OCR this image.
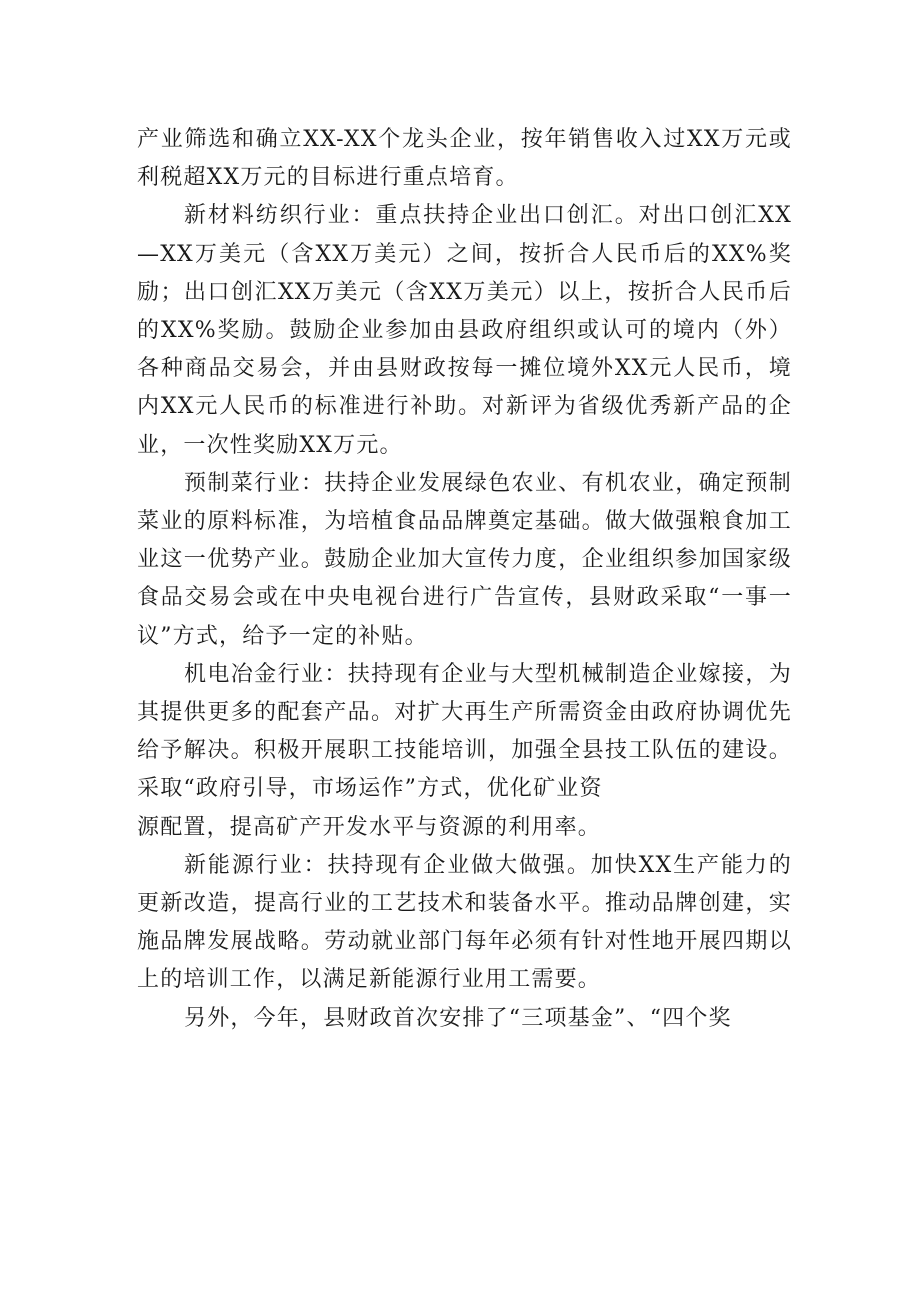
产业筛选和确立XX-XX个龙头企业，按年销售收入过XX万元或利税超XX万元的目标进行重点培育。

新材料纺织行业：重点扶持企业出口创汇。对出口创汇XX—XX万美元（含XX万美元）之间，按折合人民币后的XX%奖励；出口创汇XX万美元（含XX万美元）以上，按折合人民币后的XX%奖励。鼓励企业参加由县政府组织或认可的境内（外）各种商品交易会，并由县财政按每一摊位境外XX元人民币，境内XX元人民币的标准进行补助。对新评为省级优秀新产品的企业，一次性奖励XX万元。

预制菜行业：扶持企业发展绿色农业、有机农业，确定预制菜业的原料标准，为培植食品品牌奠定基础。做大做强粮食加工业这一优势产业。鼓励企业加大宣传力度，企业组织参加国家级食品交易会或在中央电视台进行广告宣传，县财政采取“一事一议”方式，给予一定的补贴。

机电冶金行业：扶持现有企业与大型机械制造企业嫁接，为其提供更多的配套产品。对扩大再生产所需资金由政府协调优先给予解决。积极开展职工技能培训，加强全县技工队伍的建设。采取“政府引导，市场运作”方式，优化矿业资

源配置，提高矿产开发水平与资源的利用率。

新能源行业：扶持现有企业做大做强。加快XX生产能力的更新改造，提高行业的工艺技术和装备水平。推动品牌创建，实施品牌发展战略。劳动就业部门每年必须有针对性地开展四期以上的培训工作，以满足新能源行业用工需要。

另外，今年，县财政首次安排了“三项基金”、“四个奖
